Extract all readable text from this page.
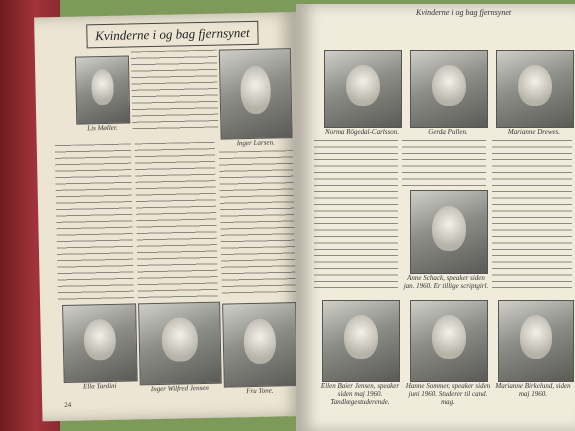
Kvinderne i og bag fjernsynet
Lis Møller.
Inger Larsen.
Ella Tardini	Inger Wilfred Jensen	Fru Tone.
24
Kvinderne i og bag fjernsynet
Norma Rögedal-Carlsson.	Gerda Pullen.	Marianne Drewes.
Anne Schack, speaker siden jan. 1960. Er tillige scriptgirl.
Ellen Baier Jensen, speaker siden maj 1960. Tandlægestuderende.
Hanne Sommer, speaker siden juni 1960. Studerer til cand. mag.
Marianne Birkelund, siden maj 1960.
